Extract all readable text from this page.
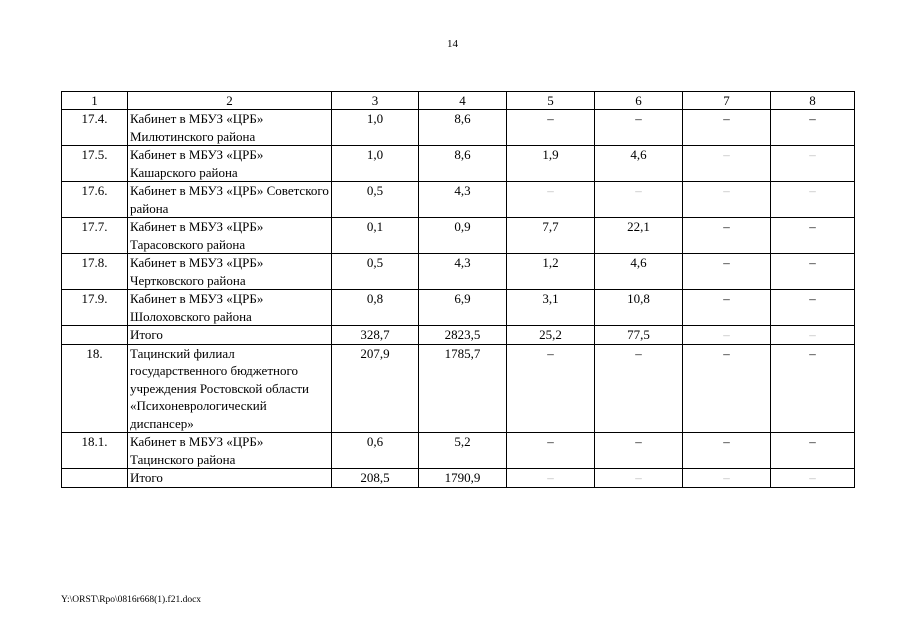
14
1	2	3	4	5	6	7	8
17.4.	Кабинет в МБУЗ «ЦРБ» Милютинского района	1,0	8,6	–	–	–	–
17.5.	Кабинет в МБУЗ «ЦРБ» Кашарского района	1,0	8,6	1,9	4,6	–	–
17.6.	Кабинет в МБУЗ «ЦРБ» Советского района	0,5	4,3	–	–	–	–
17.7.	Кабинет в МБУЗ «ЦРБ» Тарасовского района	0,1	0,9	7,7	22,1	–	–
17.8.	Кабинет в МБУЗ «ЦРБ» Чертковского района	0,5	4,3	1,2	4,6	–	–
17.9.	Кабинет в МБУЗ «ЦРБ» Шолоховского района	0,8	6,9	3,1	10,8	–	–
	Итого	328,7	2823,5	25,2	77,5	–	–
18.	Тацинский филиал государственного бюджетного учреждения Ростовской области «Психоневрологический диспансер»	207,9	1785,7	–	–	–	–
18.1.	Кабинет в МБУЗ «ЦРБ» Тацинского района	0,6	5,2	–	–	–	–
	Итого	208,5	1790,9	–	–	–	–
Y:\ORST\Rpo\0816r668(1).f21.docx
